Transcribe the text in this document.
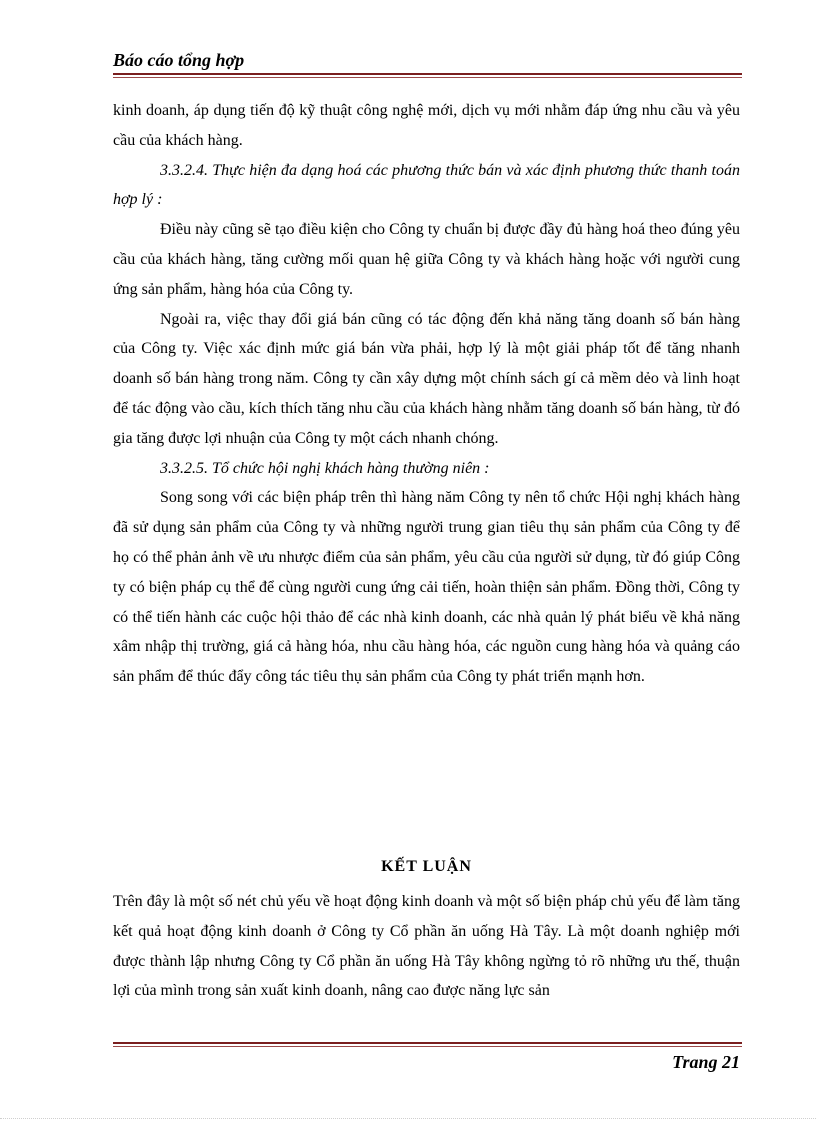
Báo cáo tổng hợp

kinh doanh, áp dụng tiến độ kỹ thuật công nghệ mới, dịch vụ mới nhằm đáp ứng nhu cầu và yêu cầu của khách hàng.

3.3.2.4. Thực hiện đa dạng hoá các phương thức bán và xác định phương thức thanh toán hợp lý :

Điều này cũng sẽ tạo điều kiện cho Công ty chuẩn bị được đầy đủ hàng hoá theo đúng yêu cầu của khách hàng, tăng cường mối quan hệ giữa Công ty và khách hàng hoặc với người cung ứng sản phẩm, hàng hóa của Công ty.

Ngoài ra, việc thay đổi giá bán cũng có tác động đến khả năng tăng doanh số bán hàng của Công ty. Việc xác định mức giá bán vừa phải, hợp lý là một giải pháp tốt để tăng nhanh doanh số bán hàng trong năm. Công ty cần xây dựng một chính sách gí cả mềm dẻo và linh hoạt để tác động vào cầu, kích thích tăng nhu cầu của khách hàng nhằm tăng doanh số bán hàng, từ đó gia tăng được lợi nhuận của Công ty một cách nhanh chóng.

3.3.2.5. Tổ chức hội nghị khách hàng thường niên :

Song song với các biện pháp trên thì hàng năm Công ty nên tổ chức Hội nghị khách hàng đã sử dụng sản phẩm của Công ty và những người trung gian tiêu thụ sản phẩm của Công ty để họ có thể phản ảnh về ưu nhược điểm của sản phẩm, yêu cầu của người sử dụng, từ đó giúp Công ty có biện pháp cụ thể để cùng người cung ứng cải tiến, hoàn thiện sản phẩm. Đồng thời, Công ty có thể tiến hành các cuộc hội thảo để các nhà kinh doanh, các nhà quản lý phát biểu về khả năng xâm nhập thị trường, giá cả hàng hóa, nhu cầu hàng hóa, các nguồn cung hàng hóa và quảng cáo sản phẩm để thúc đẩy công tác tiêu thụ sản phẩm của Công ty phát triển mạnh hơn.

KẾT LUẬN

Trên đây là một số nét chủ yếu về hoạt động kinh doanh và một số biện pháp chủ yếu để làm tăng kết quả hoạt động kinh doanh ở Công ty Cổ phần ăn uống Hà Tây. Là một doanh nghiệp mới được thành lập nhưng Công ty Cổ phần ăn uống Hà Tây không ngừng tỏ rõ những ưu thế, thuận lợi của mình trong sản xuất kinh doanh, nâng cao được năng lực sản

Trang 21
